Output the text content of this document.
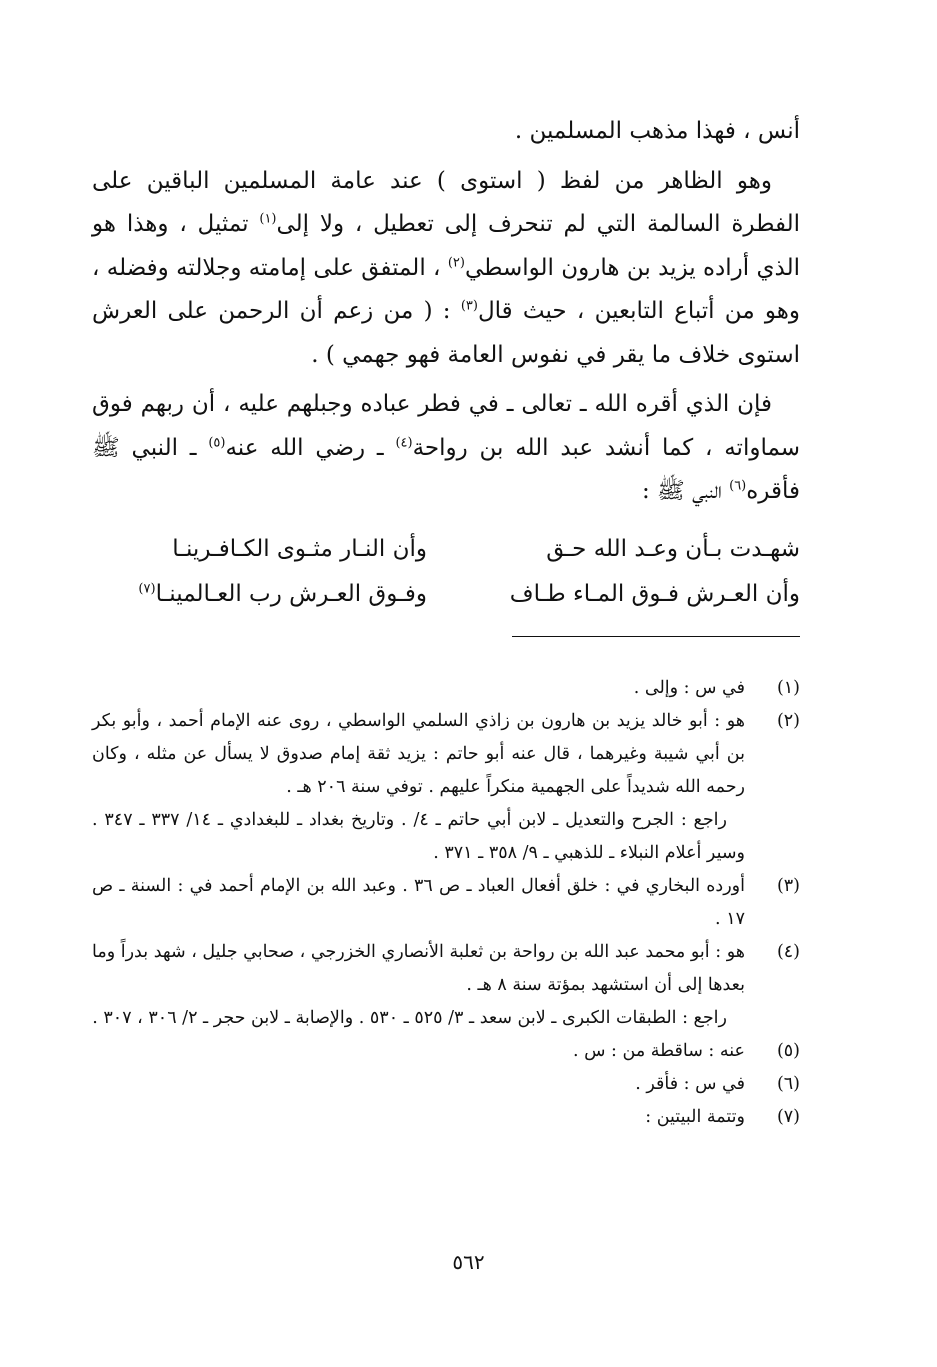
أنس ، فهذا مذهب المسلمين .

وهو الظاهر من لفظ ( استوى ) عند عامة المسلمين الباقين على الفطرة السالمة التي لم تنحرف إلى تعطيل ، ولا إلى$^{(١)}$ تمثيل ، وهذا هو الذي أراده يزيد بن هارون الواسطي$^{(٢)}$ ، المتفق على إمامته وجلالته وفضله ، وهو من أتباع التابعين ، حيث قال$^{(٣)}$ : ( من زعم أن الرحمن على العرش استوى خلاف ما يقر في نفوس العامة فهو جهمي ) .

فإن الذي أقره الله ـ تعالى ـ في فطر عباده وجبلهم عليه ، أن ربهم فوق سماواته ، كما أنشد عبد الله بن رواحة$^{(٤)}$ ـ رضي الله عنه$^{(٥)}$ ـ النبي ﷺ فأقره$^{(٦)}$ النبي ﷺ :

شهـدت بـأن وعـد الله حـق
وأن النـار مثـوى الكـافـرينـا
وأن العـرش فـوق المـاء طـاف
وفـوق العـرش رب العـالمينـا$^{(٧)}$
(١)
في س : وإلى .
(٢)
هو : أبو خالد يزيد بن هارون بن زاذي السلمي الواسطي ، روى عنه الإمام أحمد ، وأبو بكر بن أبي شيبة وغيرهما ، قال عنه أبو حاتم : يزيد ثقة إمام صدوق لا يسأل عن مثله ، وكان رحمه الله شديداً على الجهمية منكراً عليهم . توفي سنة ٢٠٦ هـ .
راجع : الجرح والتعديل ـ لابن أبي حاتم ـ ٤/ . وتاريخ بغداد ـ للبغدادي ـ ١٤/ ٣٣٧ ـ ٣٤٧ . وسير أعلام النبلاء ـ للذهبي ـ ٩/ ٣٥٨ ـ ٣٧١ .
(٣)
أورده البخاري في : خلق أفعال العباد ـ ص ٣٦ . وعبد الله بن الإمام أحمد في : السنة ـ ص ١٧ .
(٤)
هو : أبو محمد عبد الله بن رواحة بن ثعلبة الأنصاري الخزرجي ، صحابي جليل ، شهد بدراً وما بعدها إلى أن استشهد بمؤتة سنة ٨ هـ .
راجع : الطبقات الكبرى ـ لابن سعد ـ ٣/ ٥٢٥ ـ ٥٣٠ . والإصابة ـ لابن حجر ـ ٢/ ٣٠٦ ، ٣٠٧ .
(٥)
عنه : ساقطة من : س .
(٦)
في س : فأقر .
(٧)
وتتمة البيتين :
٥٦٢
